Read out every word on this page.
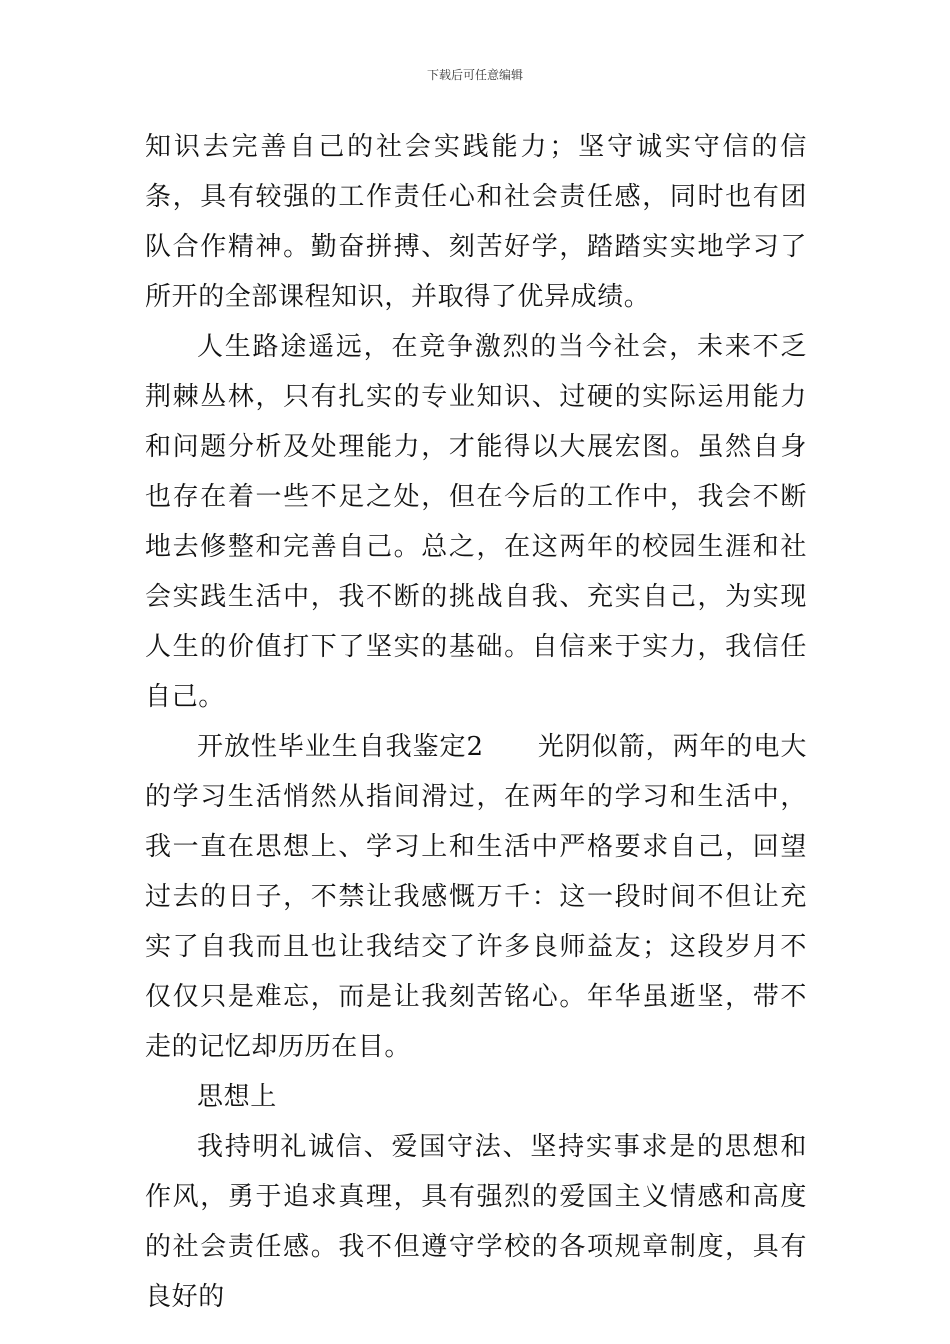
下载后可任意编辑

知识去完善自己的社会实践能力；坚守诚实守信的信条，具有较强的工作责任心和社会责任感，同时也有团队合作精神。勤奋拼搏、刻苦好学，踏踏实实地学习了所开的全部课程知识，并取得了优异成绩。

人生路途遥远，在竞争激烈的当今社会，未来不乏荆棘丛林，只有扎实的专业知识、过硬的实际运用能力和问题分析及处理能力，才能得以大展宏图。虽然自身也存在着一些不足之处，但在今后的工作中，我会不断地去修整和完善自己。总之，在这两年的校园生涯和社会实践生活中，我不断的挑战自我、充实自己，为实现人生的价值打下了坚实的基础。自信来于实力，我信任自己。

开放性毕业生自我鉴定2　　光阴似箭，两年的电大的学习生活悄然从指间滑过，在两年的学习和生活中，我一直在思想上、学习上和生活中严格要求自己，回望过去的日子，不禁让我感慨万千：这一段时间不但让充实了自我而且也让我结交了许多良师益友；这段岁月不仅仅只是难忘，而是让我刻苦铭心。年华虽逝坚，带不走的记忆却历历在目。

思想上

我持明礼诚信、爱国守法、坚持实事求是的思想和作风，勇于追求真理，具有强烈的爱国主义情感和高度的社会责任感。我不但遵守学校的各项规章制度，具有良好的
